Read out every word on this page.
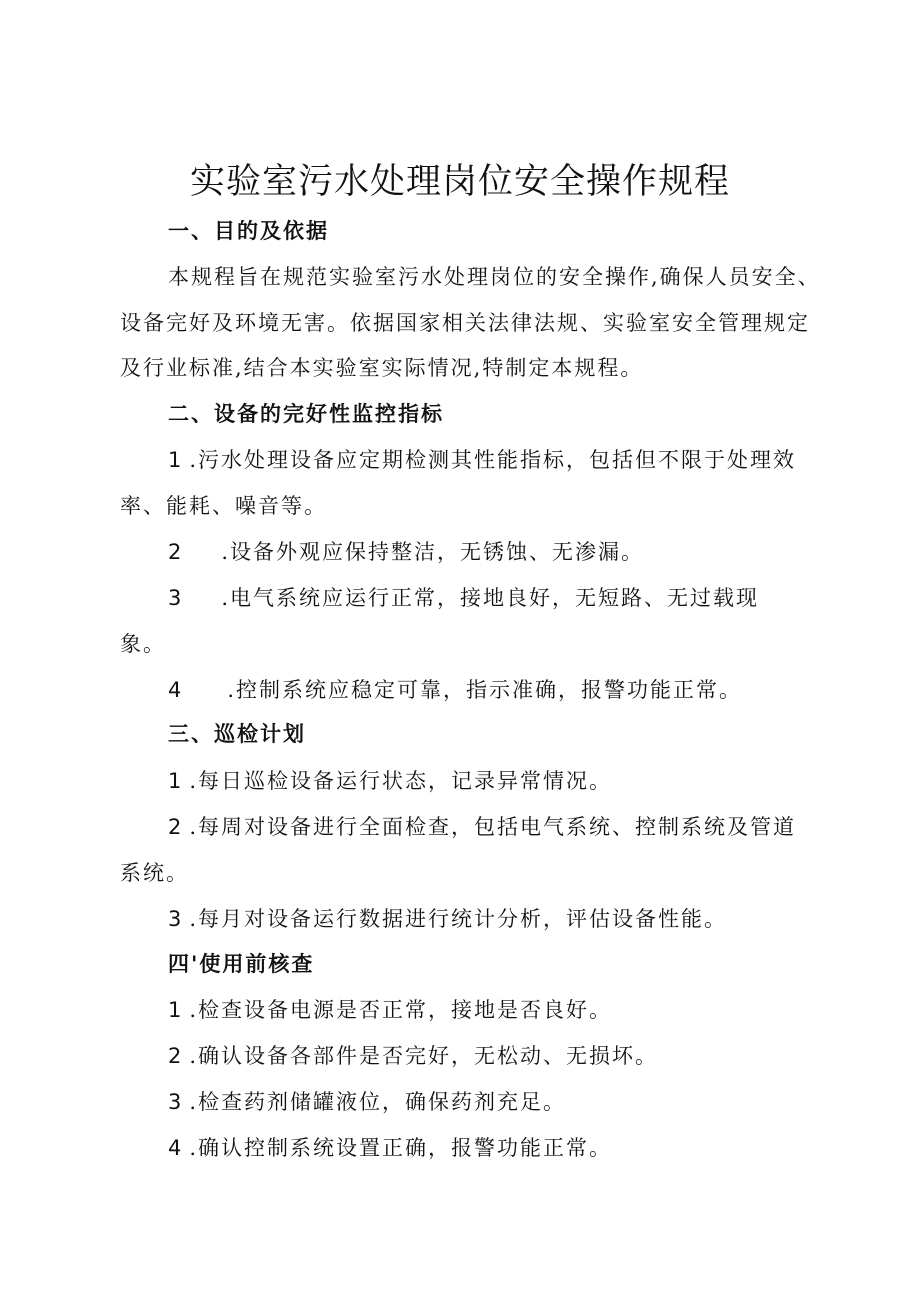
实验室污水处理岗位安全操作规程
一、目的及依据
本规程旨在规范实验室污水处理岗位的安全操作,确保人员安全、
设备完好及环境无害。依据国家相关法律法规、实验室安全管理规定
及行业标准,结合本实验室实际情况,特制定本规程。
二、设备的完好性监控指标
1 .污水处理设备应定期检测其性能指标，包括但不限于处理效
率、能耗、噪音等。
2 .设备外观应保持整洁，无锈蚀、无渗漏。
3 .电气系统应运行正常，接地良好，无短路、无过载现
象。
4 .控制系统应稳定可靠，指示准确，报警功能正常。
三、巡检计划
1 .每日巡检设备运行状态，记录异常情况。
2 .每周对设备进行全面检查，包括电气系统、控制系统及管道
系统。
3 .每月对设备运行数据进行统计分析，评估设备性能。
四'使用前核查
1 .检查设备电源是否正常，接地是否良好。
2 .确认设备各部件是否完好，无松动、无损坏。
3 .检查药剂储罐液位，确保药剂充足。
4 .确认控制系统设置正确，报警功能正常。
